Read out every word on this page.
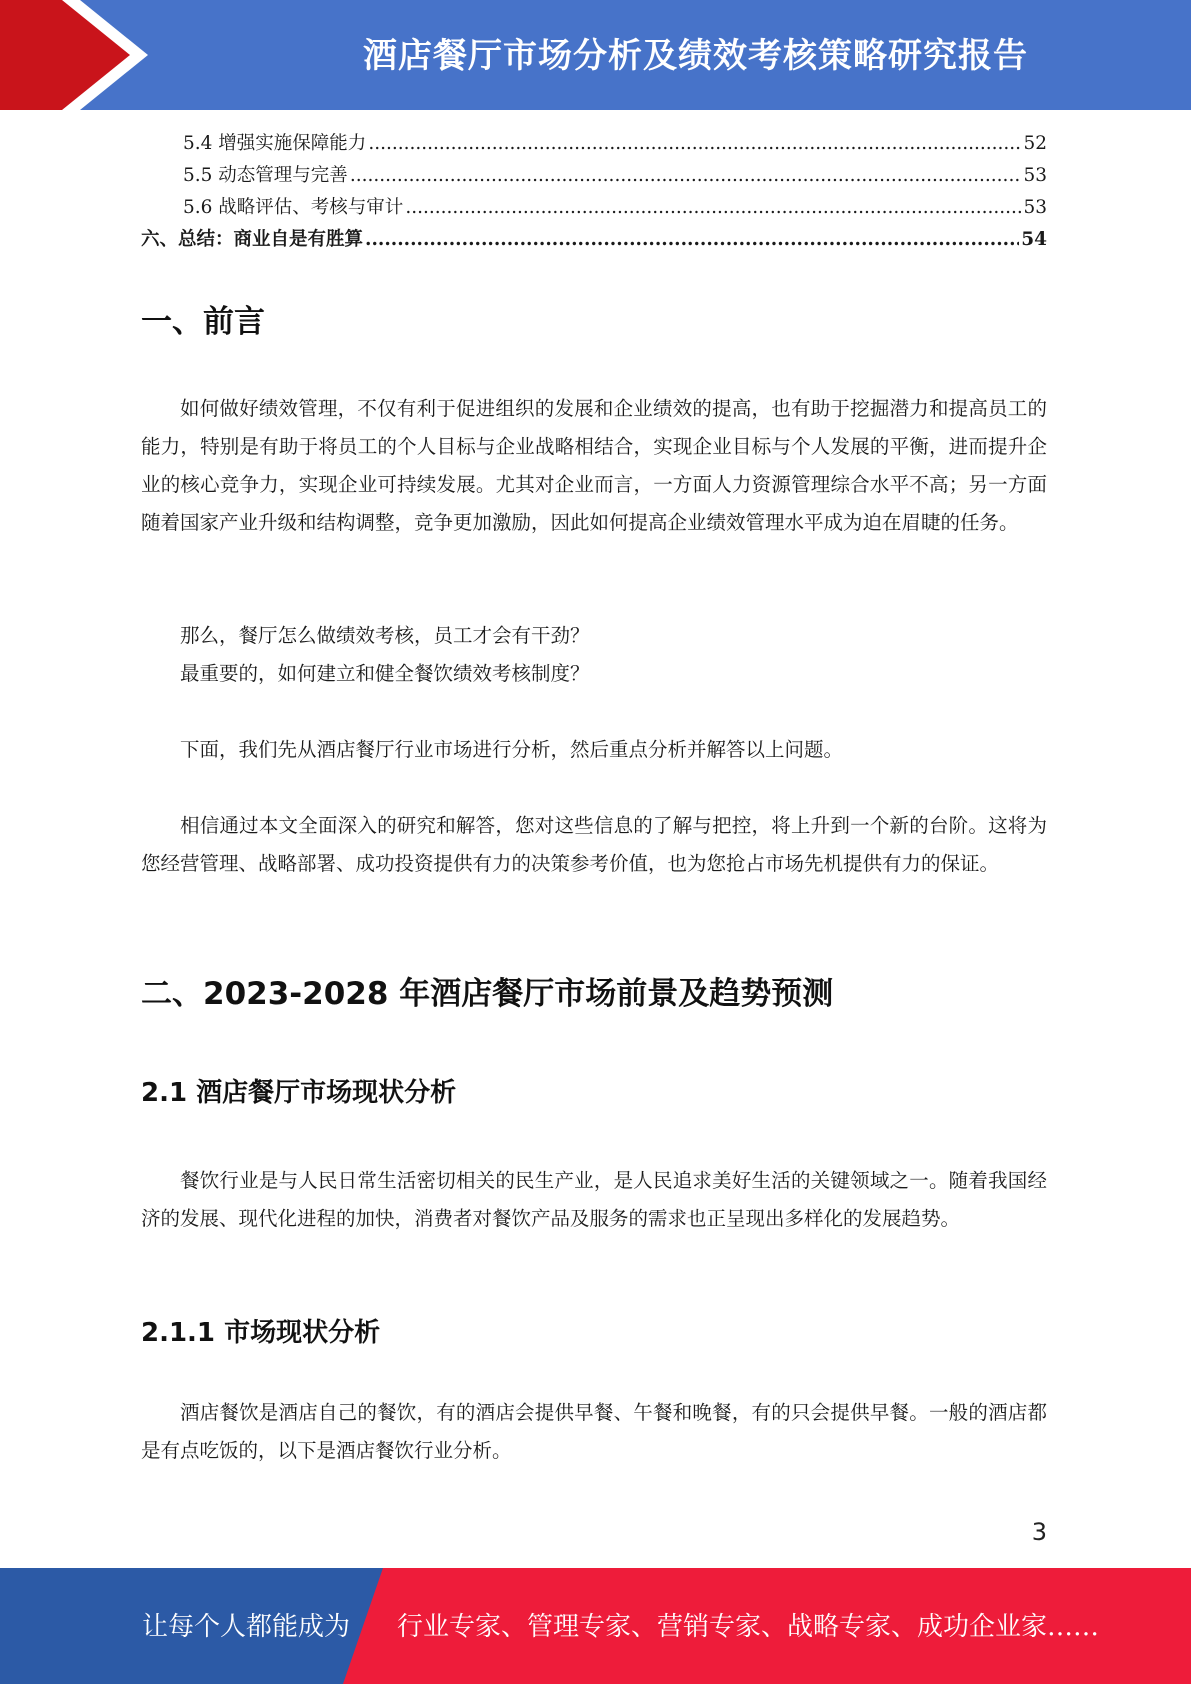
酒店餐厅市场分析及绩效考核策略研究报告
5.4 增强实施保障能力 .....	52
5.5 动态管理与完善 .....	53
5.6 战略评估、考核与审计 .....	53
六、总结：商业自是有胜算 .....	54
一、前言

如何做好绩效管理，不仅有利于促进组织的发展和企业绩效的提高，也有助于挖掘潜力和提高员工的能力，特别是有助于将员工的个人目标与企业战略相结合，实现企业目标与个人发展的平衡，进而提升企业的核心竞争力，实现企业可持续发展。尤其对企业而言，一方面人力资源管理综合水平不高；另一方面随着国家产业升级和结构调整，竞争更加激励，因此如何提高企业绩效管理水平成为迫在眉睫的任务。

那么，餐厅怎么做绩效考核，员工才会有干劲？

最重要的，如何建立和健全餐饮绩效考核制度？

下面，我们先从酒店餐厅行业市场进行分析，然后重点分析并解答以上问题。

相信通过本文全面深入的研究和解答，您对这些信息的了解与把控，将上升到一个新的台阶。这将为您经营管理、战略部署、成功投资提供有力的决策参考价值，也为您抢占市场先机提供有力的保证。

二、2023-2028 年酒店餐厅市场前景及趋势预测
2.1 酒店餐厅市场现状分析

餐饮行业是与人民日常生活密切相关的民生产业，是人民追求美好生活的关键领域之一。随着我国经济的发展、现代化进程的加快，消费者对餐饮产品及服务的需求也正呈现出多样化的发展趋势。

2.1.1 市场现状分析

酒店餐饮是酒店自己的餐饮，有的酒店会提供早餐、午餐和晚餐，有的只会提供早餐。一般的酒店都是有点吃饭的，以下是酒店餐饮行业分析。

3
让每个人都能成为 行业专家、管理专家、营销专家、战略专家、成功企业家……
